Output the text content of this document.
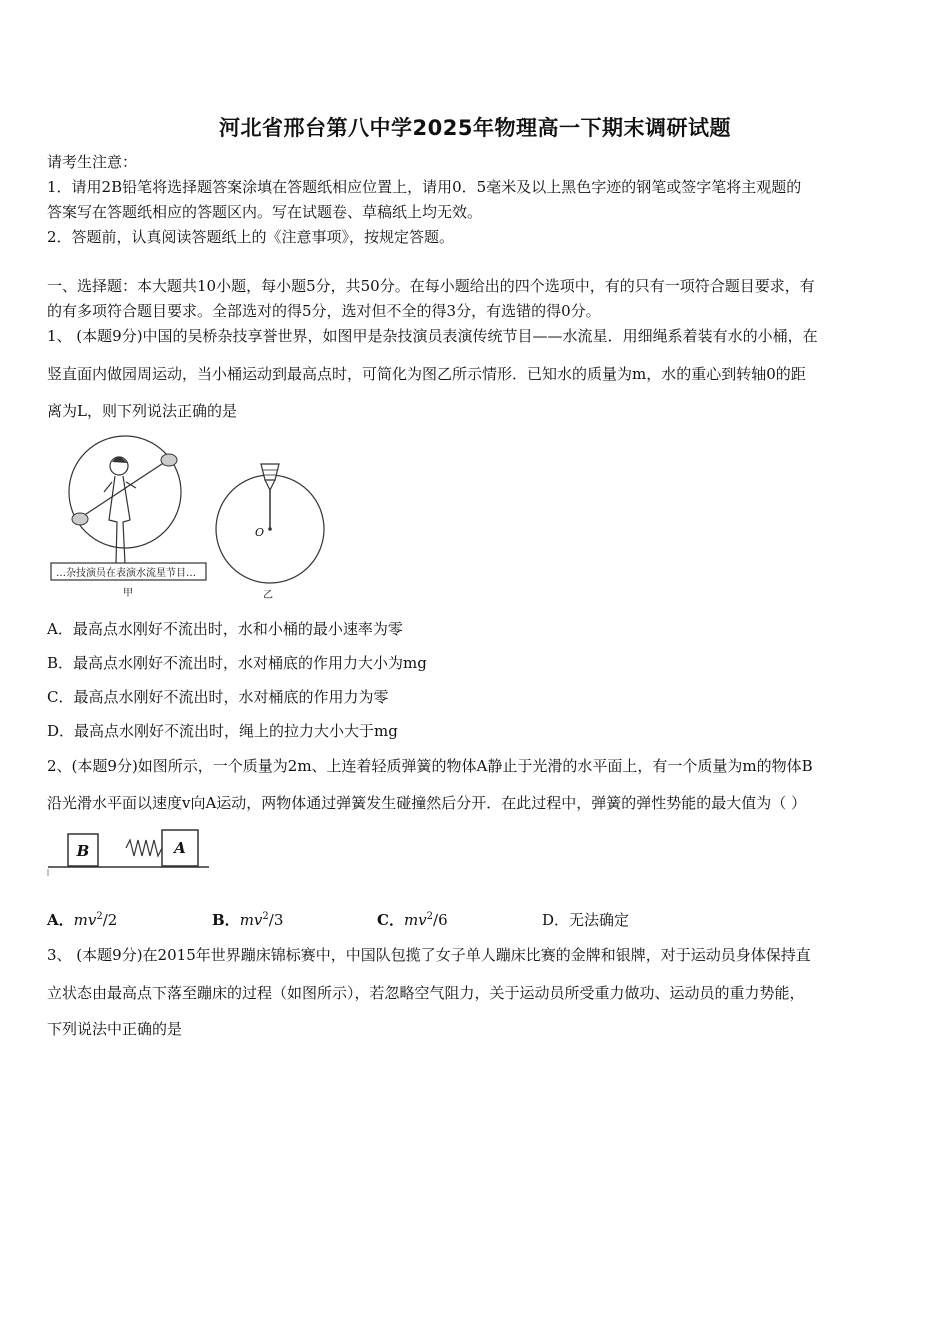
河北省邢台第八中学2025年物理高一下期末调研试题
请考生注意：
1．请用2B铅笔将选择题答案涂填在答题纸相应位置上，请用0．5毫米及以上黑色字迹的钢笔或签字笔将主观题的
答案写在答题纸相应的答题区内。写在试题卷、草稿纸上均无效。
2．答题前，认真阅读答题纸上的《注意事项》，按规定答题。
一、选择题：本大题共10小题，每小题5分，共50分。在每小题给出的四个选项中，有的只有一项符合题目要求，有
的有多项符合题目要求。全部选对的得5分，选对但不全的得3分，有选错的得0分。
1、 (本题9分)中国的吴桥杂技享誉世界，如图甲是杂技演员表演传统节目——水流星．用细绳系着装有水的小桶，在
竖直面内做园周运动，当小桶运动到最高点时，可简化为图乙所示情形．已知水的质量为m，水的重心到转轴0的距
离为L，则下列说法正确的是
…杂技演员在表演水流星节目…
甲
O
乙
A．最高点水刚好不流出时，水和小桶的最小速率为零
B．最高点水刚好不流出时，水对桶底的作用力大小为mg
C．最高点水刚好不流出时，水对桶底的作用力为零
D．最高点水刚好不流出时，绳上的拉力大小大于mg
2、(本题9分)如图所示，一个质量为2m、上连着轻质弹簧的物体A静止于光滑的水平面上，有一个质量为m的物体B
沿光滑水平面以速度v向A运动，两物体通过弹簧发生碰撞然后分开．在此过程中，弹簧的弹性势能的最大值为（ ）
B	A
A．$mv^2/2$	B．$mv^2/3$	C．$mv^2/6$	D．无法确定
3、 (本题9分)在2015年世界蹦床锦标赛中，中国队包揽了女子单人蹦床比赛的金牌和银牌，对于运动员身体保持直
立状态由最高点下落至蹦床的过程（如图所示），若忽略空气阻力，关于运动员所受重力做功、运动员的重力势能，
下列说法中正确的是
